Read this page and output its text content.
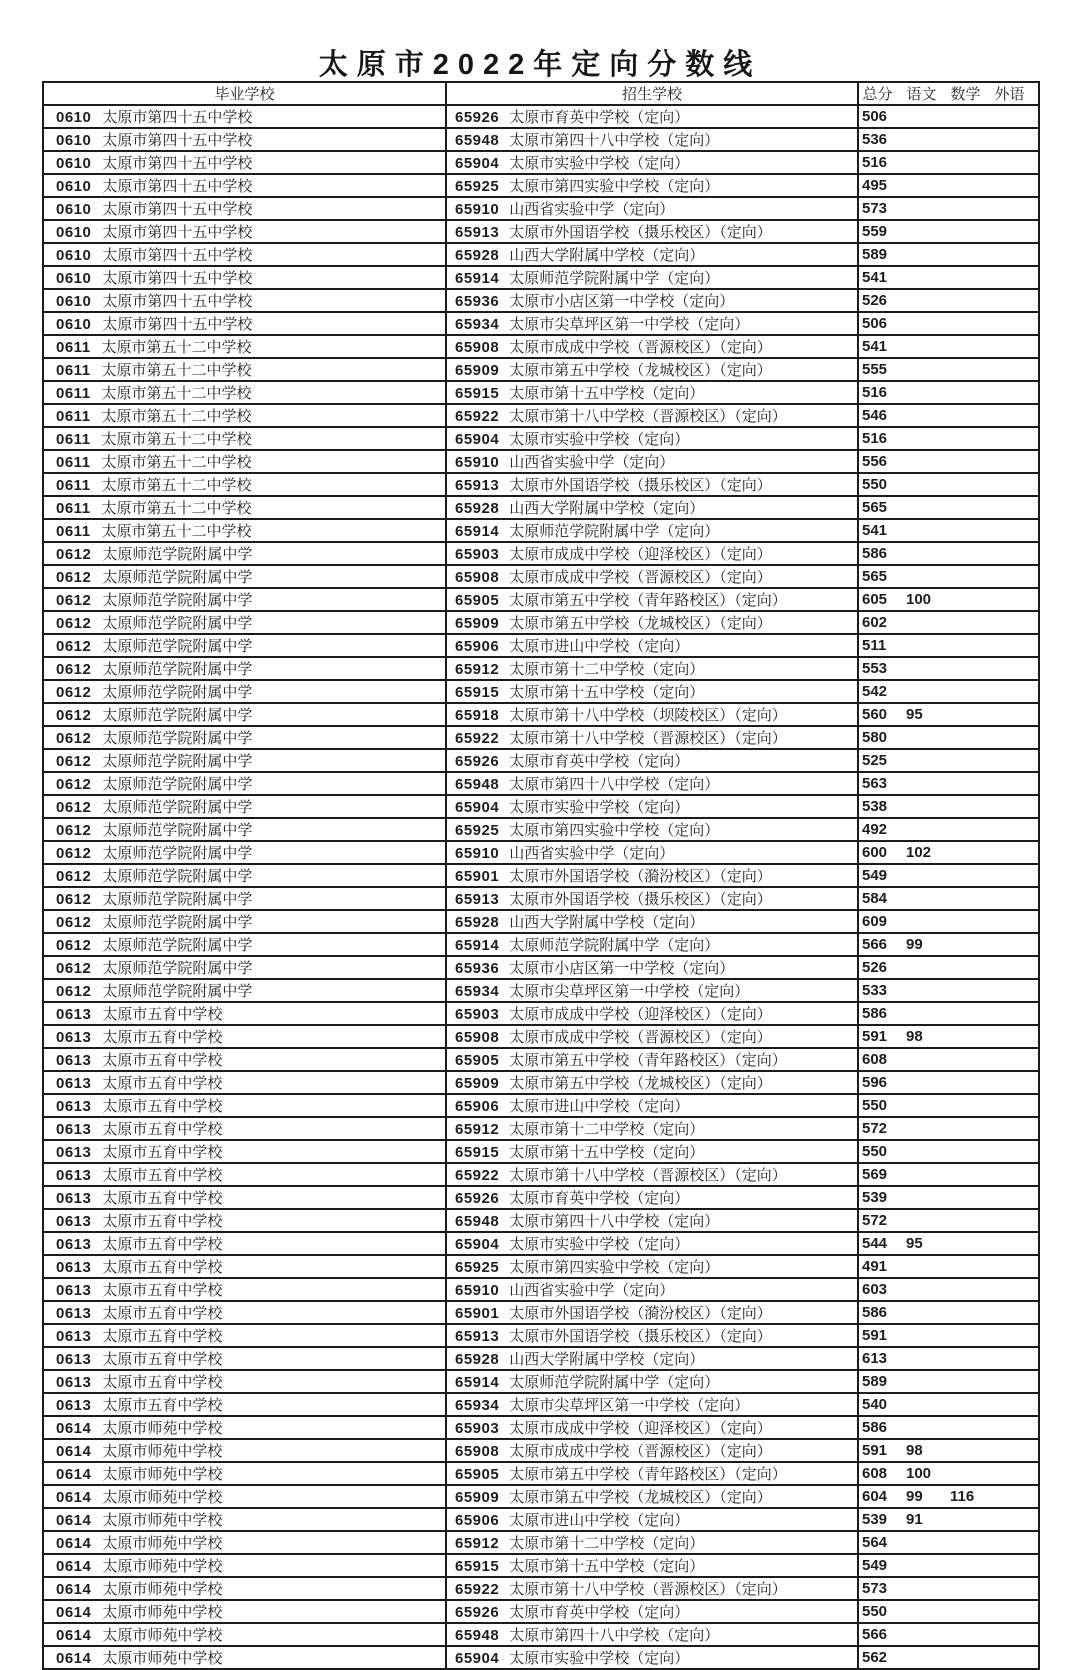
太原市2022年定向分数线
毕业学校	招生学校	总分 语文 数学 外语
0610 太原市第四十五中学校	65926 太原市育英中学校（定向）	506
0610 太原市第四十五中学校	65948 太原市第四十八中学校（定向）	536
0610 太原市第四十五中学校	65904 太原市实验中学校（定向）	516
0610 太原市第四十五中学校	65925 太原市第四实验中学校（定向）	495
0610 太原市第四十五中学校	65910 山西省实验中学（定向）	573
0610 太原市第四十五中学校	65913 太原市外国语学校（摄乐校区）（定向）	559
0610 太原市第四十五中学校	65928 山西大学附属中学校（定向）	589
0610 太原市第四十五中学校	65914 太原师范学院附属中学（定向）	541
0610 太原市第四十五中学校	65936 太原市小店区第一中学校（定向）	526
0610 太原市第四十五中学校	65934 太原市尖草坪区第一中学校（定向）	506
0611 太原市第五十二中学校	65908 太原市成成中学校（晋源校区）（定向）	541
0611 太原市第五十二中学校	65909 太原市第五中学校（龙城校区）（定向）	555
0611 太原市第五十二中学校	65915 太原市第十五中学校（定向）	516
0611 太原市第五十二中学校	65922 太原市第十八中学校（晋源校区）（定向）	546
0611 太原市第五十二中学校	65904 太原市实验中学校（定向）	516
0611 太原市第五十二中学校	65910 山西省实验中学（定向）	556
0611 太原市第五十二中学校	65913 太原市外国语学校（摄乐校区）（定向）	550
0611 太原市第五十二中学校	65928 山西大学附属中学校（定向）	565
0611 太原市第五十二中学校	65914 太原师范学院附属中学（定向）	541
0612 太原师范学院附属中学	65903 太原市成成中学校（迎泽校区）（定向）	586
0612 太原师范学院附属中学	65908 太原市成成中学校（晋源校区）（定向）	565
0612 太原师范学院附属中学	65905 太原市第五中学校（青年路校区）（定向）	605 100
0612 太原师范学院附属中学	65909 太原市第五中学校（龙城校区）（定向）	602
0612 太原师范学院附属中学	65906 太原市进山中学校（定向）	511
0612 太原师范学院附属中学	65912 太原市第十二中学校（定向）	553
0612 太原师范学院附属中学	65915 太原市第十五中学校（定向）	542
0612 太原师范学院附属中学	65918 太原市第十八中学校（坝陵校区）（定向）	560 95
0612 太原师范学院附属中学	65922 太原市第十八中学校（晋源校区）（定向）	580
0612 太原师范学院附属中学	65926 太原市育英中学校（定向）	525
0612 太原师范学院附属中学	65948 太原市第四十八中学校（定向）	563
0612 太原师范学院附属中学	65904 太原市实验中学校（定向）	538
0612 太原师范学院附属中学	65925 太原市第四实验中学校（定向）	492
0612 太原师范学院附属中学	65910 山西省实验中学（定向）	600 102
0612 太原师范学院附属中学	65901 太原市外国语学校（漪汾校区）（定向）	549
0612 太原师范学院附属中学	65913 太原市外国语学校（摄乐校区）（定向）	584
0612 太原师范学院附属中学	65928 山西大学附属中学校（定向）	609
0612 太原师范学院附属中学	65914 太原师范学院附属中学（定向）	566 99
0612 太原师范学院附属中学	65936 太原市小店区第一中学校（定向）	526
0612 太原师范学院附属中学	65934 太原市尖草坪区第一中学校（定向）	533
0613 太原市五育中学校	65903 太原市成成中学校（迎泽校区）（定向）	586
0613 太原市五育中学校	65908 太原市成成中学校（晋源校区）（定向）	591 98
0613 太原市五育中学校	65905 太原市第五中学校（青年路校区）（定向）	608
0613 太原市五育中学校	65909 太原市第五中学校（龙城校区）（定向）	596
0613 太原市五育中学校	65906 太原市进山中学校（定向）	550
0613 太原市五育中学校	65912 太原市第十二中学校（定向）	572
0613 太原市五育中学校	65915 太原市第十五中学校（定向）	550
0613 太原市五育中学校	65922 太原市第十八中学校（晋源校区）（定向）	569
0613 太原市五育中学校	65926 太原市育英中学校（定向）	539
0613 太原市五育中学校	65948 太原市第四十八中学校（定向）	572
0613 太原市五育中学校	65904 太原市实验中学校（定向）	544 95
0613 太原市五育中学校	65925 太原市第四实验中学校（定向）	491
0613 太原市五育中学校	65910 山西省实验中学（定向）	603
0613 太原市五育中学校	65901 太原市外国语学校（漪汾校区）（定向）	586
0613 太原市五育中学校	65913 太原市外国语学校（摄乐校区）（定向）	591
0613 太原市五育中学校	65928 山西大学附属中学校（定向）	613
0613 太原市五育中学校	65914 太原师范学院附属中学（定向）	589
0613 太原市五育中学校	65934 太原市尖草坪区第一中学校（定向）	540
0614 太原市师苑中学校	65903 太原市成成中学校（迎泽校区）（定向）	586
0614 太原市师苑中学校	65908 太原市成成中学校（晋源校区）（定向）	591 98
0614 太原市师苑中学校	65905 太原市第五中学校（青年路校区）（定向）	608 100
0614 太原市师苑中学校	65909 太原市第五中学校（龙城校区）（定向）	604 99 116
0614 太原市师苑中学校	65906 太原市进山中学校（定向）	539 91
0614 太原市师苑中学校	65912 太原市第十二中学校（定向）	564
0614 太原市师苑中学校	65915 太原市第十五中学校（定向）	549
0614 太原市师苑中学校	65922 太原市第十八中学校（晋源校区）（定向）	573
0614 太原市师苑中学校	65926 太原市育英中学校（定向）	550
0614 太原市师苑中学校	65948 太原市第四十八中学校（定向）	566
0614 太原市师苑中学校	65904 太原市实验中学校（定向）	562
